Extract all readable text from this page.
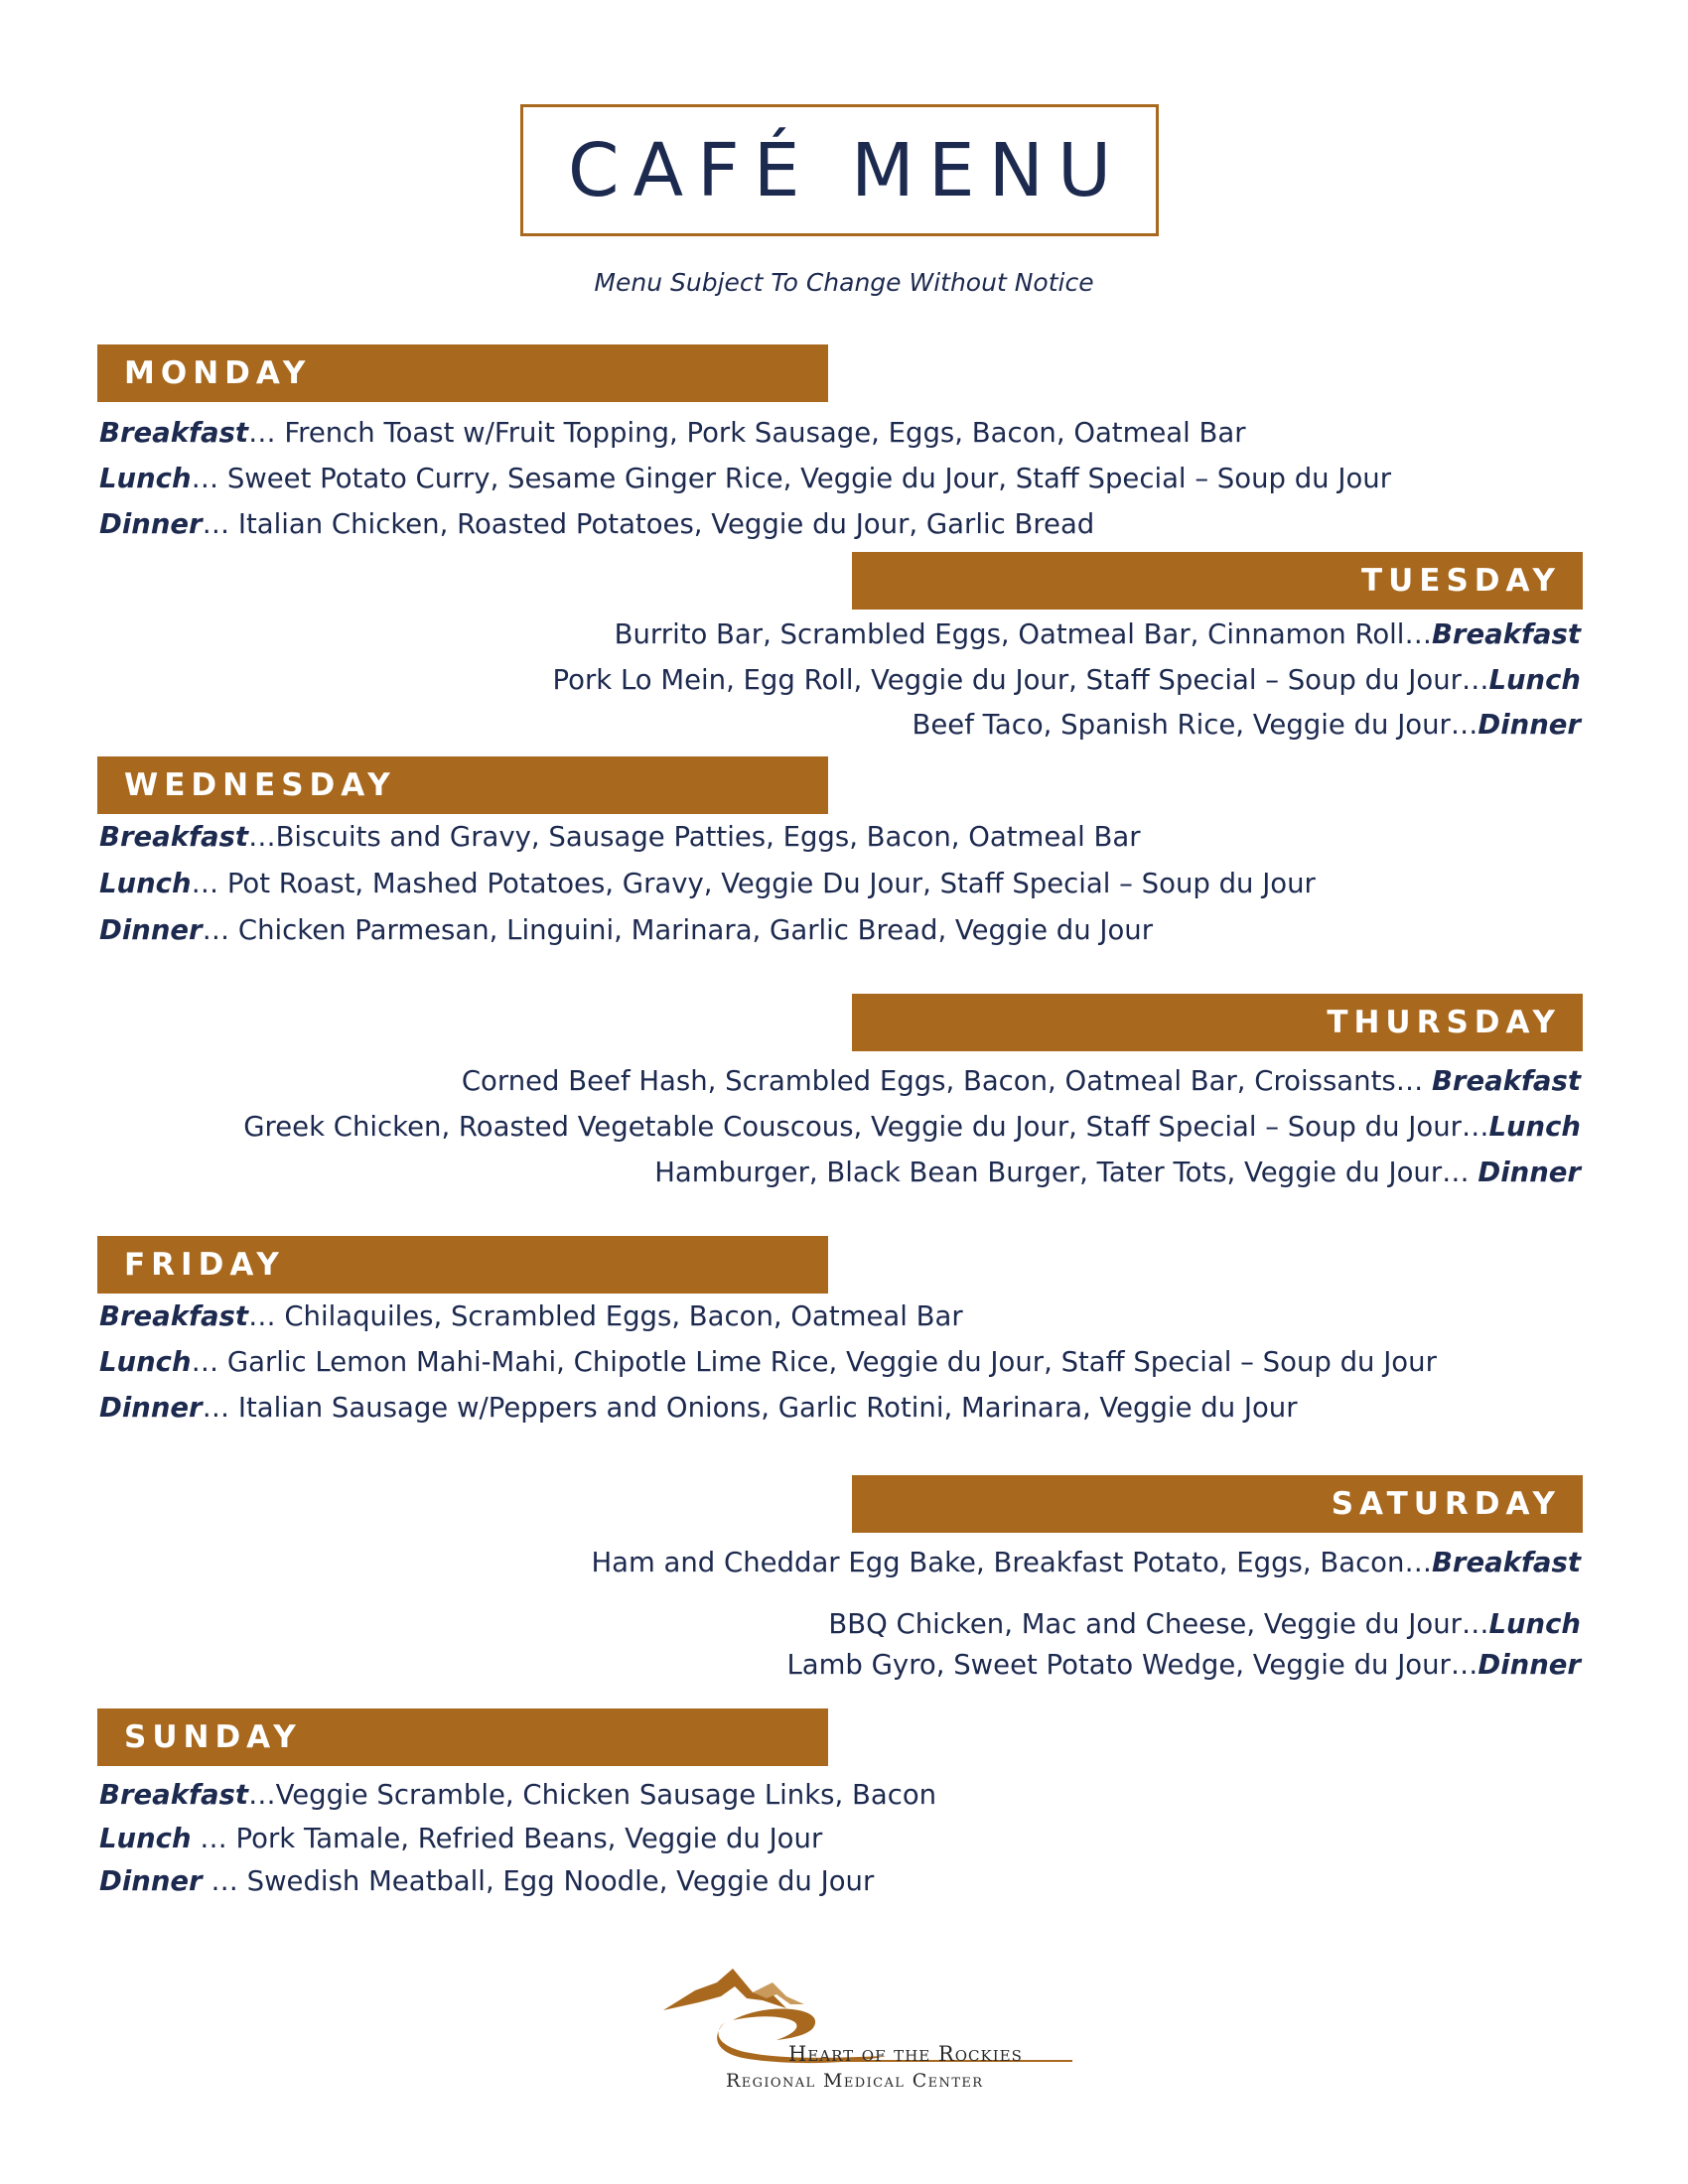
CAFÉ MENU
Menu Subject To Change Without Notice
MONDAY
Breakfast… French Toast w/Fruit Topping, Pork Sausage, Eggs, Bacon, Oatmeal Bar
Lunch… Sweet Potato Curry, Sesame Ginger Rice, Veggie du Jour, Staff Special – Soup du Jour
Dinner… Italian Chicken, Roasted Potatoes, Veggie du Jour, Garlic Bread
TUESDAY
Burrito Bar, Scrambled Eggs, Oatmeal Bar, Cinnamon Roll…Breakfast
Pork Lo Mein, Egg Roll, Veggie du Jour, Staff Special – Soup du Jour…Lunch
Beef Taco, Spanish Rice, Veggie du Jour…Dinner
WEDNESDAY
Breakfast…Biscuits and Gravy, Sausage Patties, Eggs, Bacon, Oatmeal Bar
Lunch… Pot Roast, Mashed Potatoes, Gravy, Veggie Du Jour, Staff Special – Soup du Jour
Dinner… Chicken Parmesan, Linguini, Marinara, Garlic Bread, Veggie du Jour
THURSDAY
Corned Beef Hash, Scrambled Eggs, Bacon, Oatmeal Bar, Croissants… Breakfast
Greek Chicken, Roasted Vegetable Couscous, Veggie du Jour, Staff Special – Soup du Jour…Lunch
Hamburger, Black Bean Burger, Tater Tots, Veggie du Jour… Dinner
FRIDAY
Breakfast… Chilaquiles, Scrambled Eggs, Bacon, Oatmeal Bar
Lunch… Garlic Lemon Mahi-Mahi, Chipotle Lime Rice, Veggie du Jour, Staff Special – Soup du Jour
Dinner… Italian Sausage w/Peppers and Onions, Garlic Rotini, Marinara, Veggie du Jour
SATURDAY
Ham and Cheddar Egg Bake, Breakfast Potato, Eggs, Bacon…Breakfast
BBQ Chicken, Mac and Cheese, Veggie du Jour…Lunch
Lamb Gyro, Sweet Potato Wedge, Veggie du Jour…Dinner
SUNDAY
Breakfast…Veggie Scramble, Chicken Sausage Links, Bacon
Lunch … Pork Tamale, Refried Beans, Veggie du Jour
Dinner … Swedish Meatball, Egg Noodle, Veggie du Jour
Heart of the Rockies
Regional Medical Center
